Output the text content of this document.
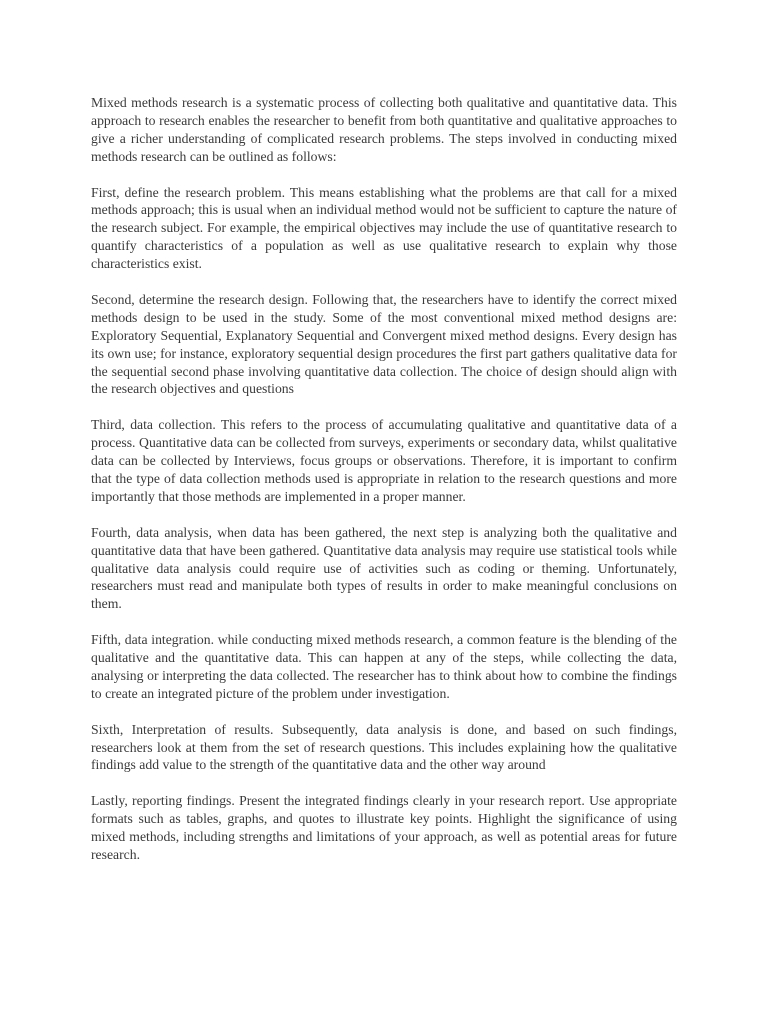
Mixed methods research is a systematic process of collecting both qualitative and quantitative data. This approach to research enables the researcher to benefit from both quantitative and qualitative approaches to give a richer understanding of complicated research problems. The steps involved in conducting mixed methods research can be outlined as follows:

First, define the research problem. This means establishing what the problems are that call for a mixed methods approach; this is usual when an individual method would not be sufficient to capture the nature of the research subject. For example, the empirical objectives may include the use of quantitative research to quantify characteristics of a population as well as use qualitative research to explain why those characteristics exist.

Second, determine the research design. Following that, the researchers have to identify the correct mixed methods design to be used in the study. Some of the most conventional mixed method designs are: Exploratory Sequential, Explanatory Sequential and Convergent mixed method designs. Every design has its own use; for instance, exploratory sequential design procedures the first part gathers qualitative data for the sequential second phase involving quantitative data collection. The choice of design should align with the research objectives and questions

Third, data collection. This refers to the process of accumulating qualitative and quantitative data of a process. Quantitative data can be collected from surveys, experiments or secondary data, whilst qualitative data can be collected by Interviews, focus groups or observations. Therefore, it is important to confirm that the type of data collection methods used is appropriate in relation to the research questions and more importantly that those methods are implemented in a proper manner.

Fourth, data analysis, when data has been gathered, the next step is analyzing both the qualitative and quantitative data that have been gathered. Quantitative data analysis may require use statistical tools while qualitative data analysis could require use of activities such as coding or theming. Unfortunately, researchers must read and manipulate both types of results in order to make meaningful conclusions on them.

Fifth, data integration. while conducting mixed methods research, a common feature is the blending of the qualitative and the quantitative data. This can happen at any of the steps, while collecting the data, analysing or interpreting the data collected. The researcher has to think about how to combine the findings to create an integrated picture of the problem under investigation.

Sixth, Interpretation of results. Subsequently, data analysis is done, and based on such findings, researchers look at them from the set of research questions. This includes explaining how the qualitative findings add value to the strength of the quantitative data and the other way around

Lastly, reporting findings. Present the integrated findings clearly in your research report. Use appropriate formats such as tables, graphs, and quotes to illustrate key points. Highlight the significance of using mixed methods, including strengths and limitations of your approach, as well as potential areas for future research.
